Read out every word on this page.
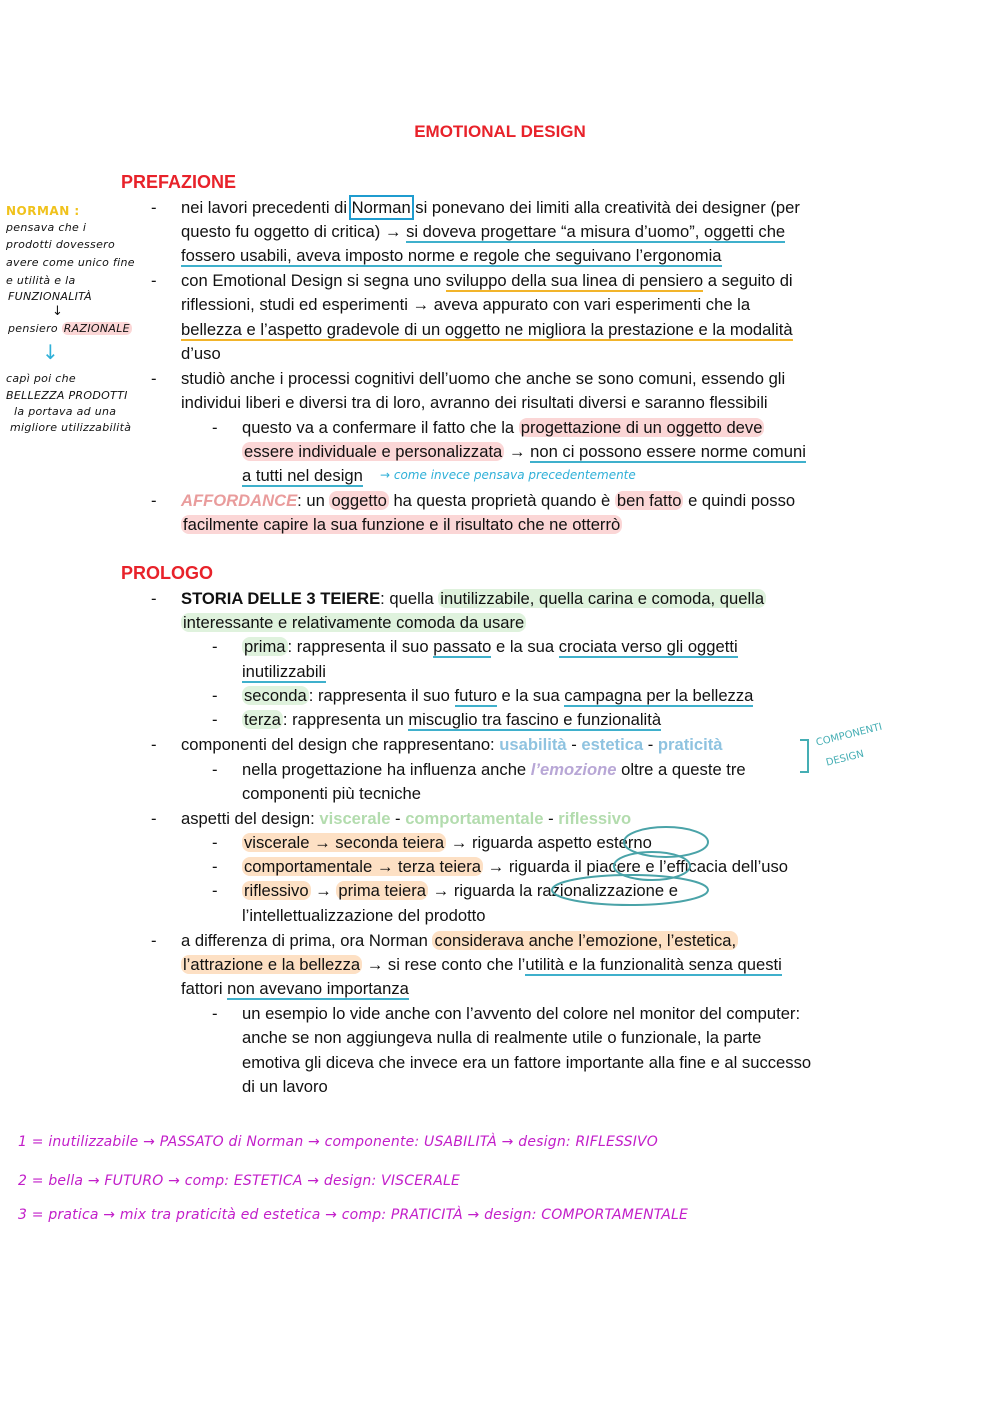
EMOTIONAL DESIGN
PREFAZIONE
- nei lavori precedenti di Norman si ponevano dei limiti alla creatività dei designer (per
questo fu oggetto di critica) → si doveva progettare “a misura d’uomo”, oggetti che
fossero usabili, aveva imposto norme e regole che seguivano l’ergonomia
- con Emotional Design si segna uno sviluppo della sua linea di pensiero a seguito di
riflessioni, studi ed esperimenti → aveva appurato con vari esperimenti che la
bellezza e l’aspetto gradevole di un oggetto ne migliora la prestazione e la modalità
d’uso
- studiò anche i processi cognitivi dell’uomo che anche se sono comuni, essendo gli
individui liberi e diversi tra di loro, avranno dei risultati diversi e saranno flessibili
- questo va a confermare il fatto che la progettazione di un oggetto deve
essere individuale e personalizzata → non ci possono essere norme comuni
a tutti nel design → come invece pensava precedentemente
- AFFORDANCE: un oggetto ha questa proprietà quando è ben fatto e quindi posso
facilmente capire la sua funzione e il risultato che ne otterrò
PROLOGO
- STORIA DELLE 3 TEIERE: quella inutilizzabile, quella carina e comoda, quella
interessante e relativamente comoda da usare
- prima : rappresenta il suo passato e la sua crociata verso gli oggetti
inutilizzabili
- seconda : rappresenta il suo futuro e la sua campagna per la bellezza
- terza : rappresenta un miscuglio tra fascino e funzionalità
- componenti del design che rappresentano: usabilità - estetica - praticità
- nella progettazione ha influenza anche l’emozione oltre a queste tre
componenti più tecniche
COMPONENTI
DESIGN
- aspetti del design: viscerale - comportamentale - riflessivo
- viscerale → seconda teiera → riguarda aspetto esterno
- comportamentale → terza teiera → riguarda il piacere e l’efficacia dell’uso
- riflessivo → prima teiera → riguarda la razionalizzazione e
l’intellettualizzazione del prodotto
- a differenza di prima, ora Norman considerava anche l’emozione, l’estetica,
l’attrazione e la bellezza → si rese conto che l’utilità e la funzionalità senza questi
fattori non avevano importanza
- un esempio lo vide anche con l’avvento del colore nel monitor del computer:
anche se non aggiungeva nulla di realmente utile o funzionale, la parte
emotiva gli diceva che invece era un fattore importante alla fine e al successo
di un lavoro
NORMAN :
pensava che i
prodotti dovessero
avere come unico fine
e utilità e la
FUNZIONALITÀ
↓
pensiero RAZIONALE
↓
capì poi che
BELLEZZA PRODOTTI
la portava ad una
migliore utilizzabilità
1 = inutilizzabile → PASSATO di Norman → componente: USABILITÀ → design: RIFLESSIVO
2 = bella → FUTURO → comp: ESTETICA → design: VISCERALE
3 = pratica → mix tra praticità ed estetica → comp: PRATICITÀ → design: COMPORTAMENTALE
